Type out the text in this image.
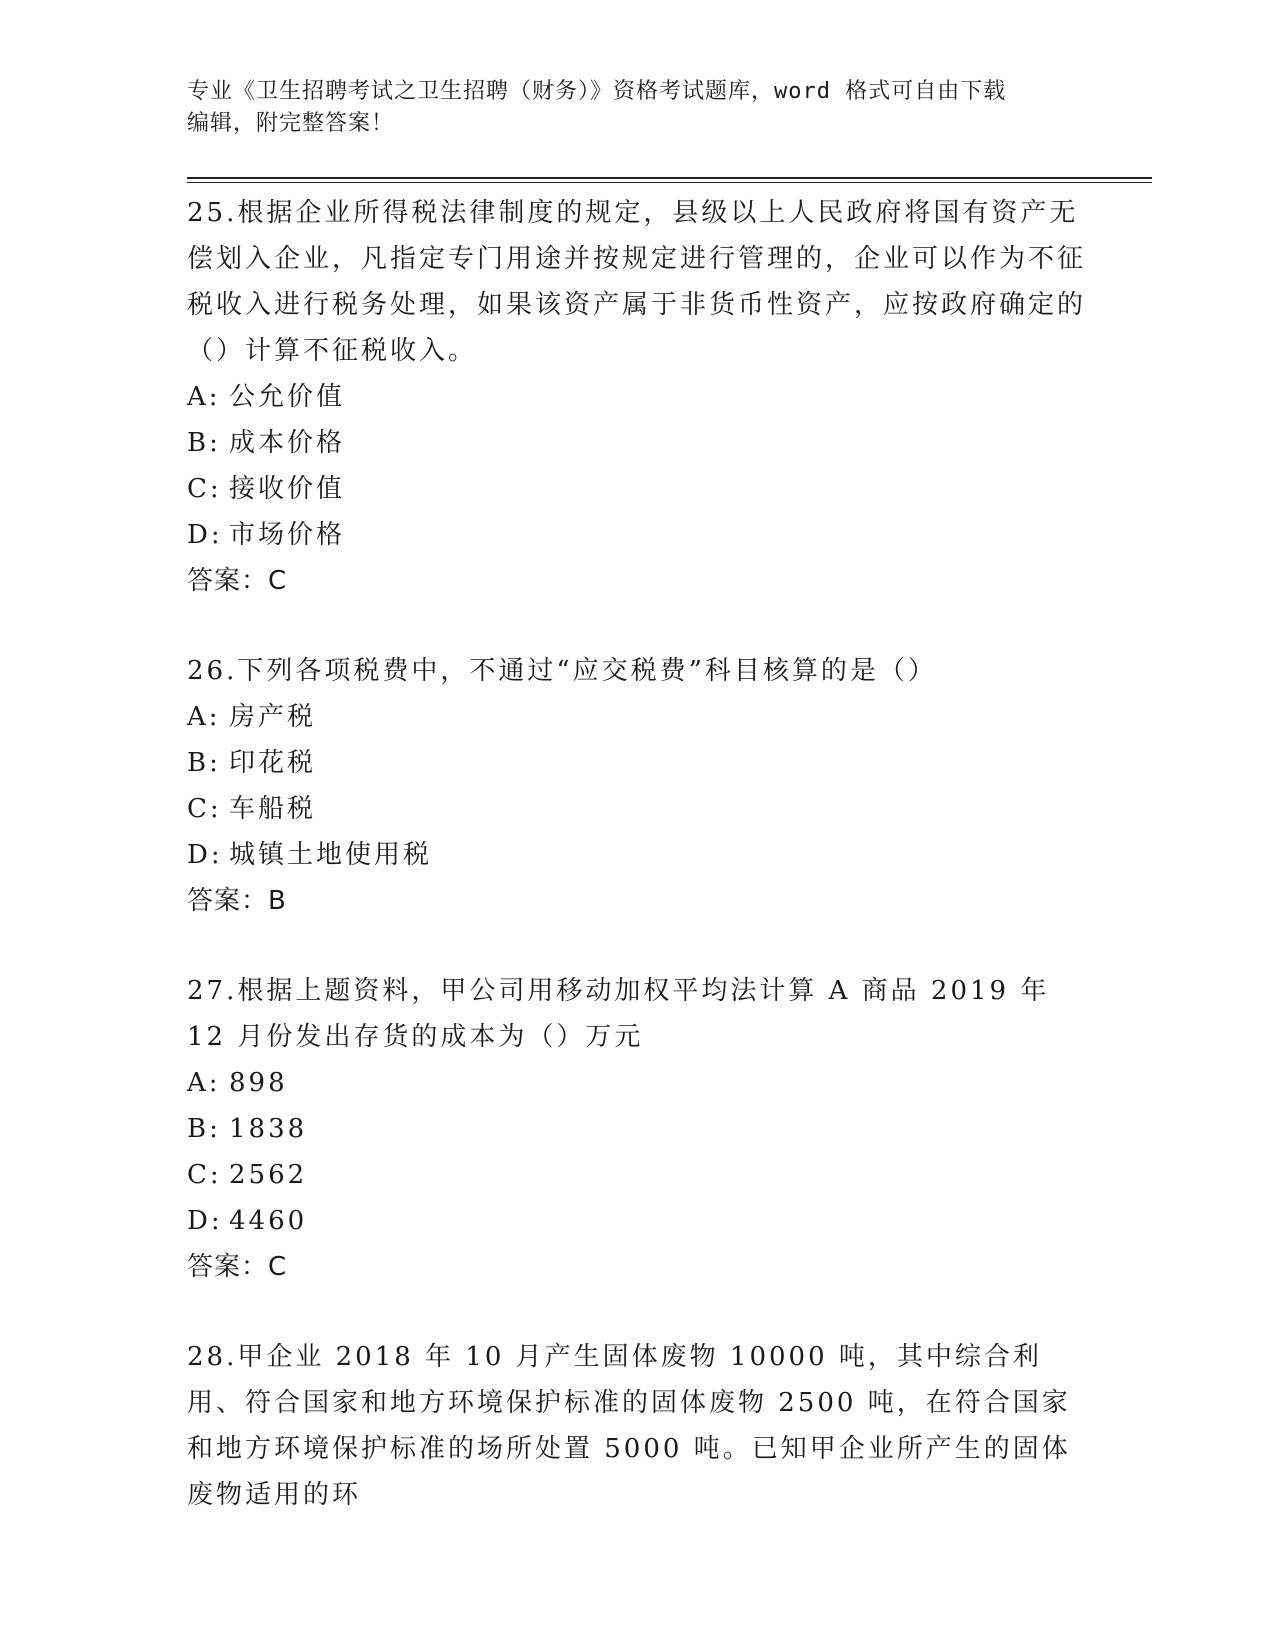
专业《卫生招聘考试之卫生招聘（财务）》资格考试题库，word 格式可自由下载
编辑，附完整答案！

25.根据企业所得税法律制度的规定，县级以上人民政府将国有资产无偿划入企业，凡指定专门用途并按规定进行管理的，企业可以作为不征税收入进行税务处理，如果该资产属于非货币性资产，应按政府确定的（）计算不征税收入。

A: 公允价值

B: 成本价格

C: 接收价值

D: 市场价格

答案：C

26.下列各项税费中，不通过“应交税费”科目核算的是（）

A: 房产税

B: 印花税

C: 车船税

D: 城镇土地使用税

答案：B

27.根据上题资料，甲公司用移动加权平均法计算 A 商品 2019 年 12 月份发出存货的成本为（）万元

A: 898

B: 1838

C: 2562

D: 4460

答案：C

28.甲企业 2018 年 10 月产生固体废物 10000 吨，其中综合利用、符合国家和地方环境保护标准的固体废物 2500 吨，在符合国家和地方环境保护标准的场所处置 5000 吨。已知甲企业所产生的固体废物适用的环
